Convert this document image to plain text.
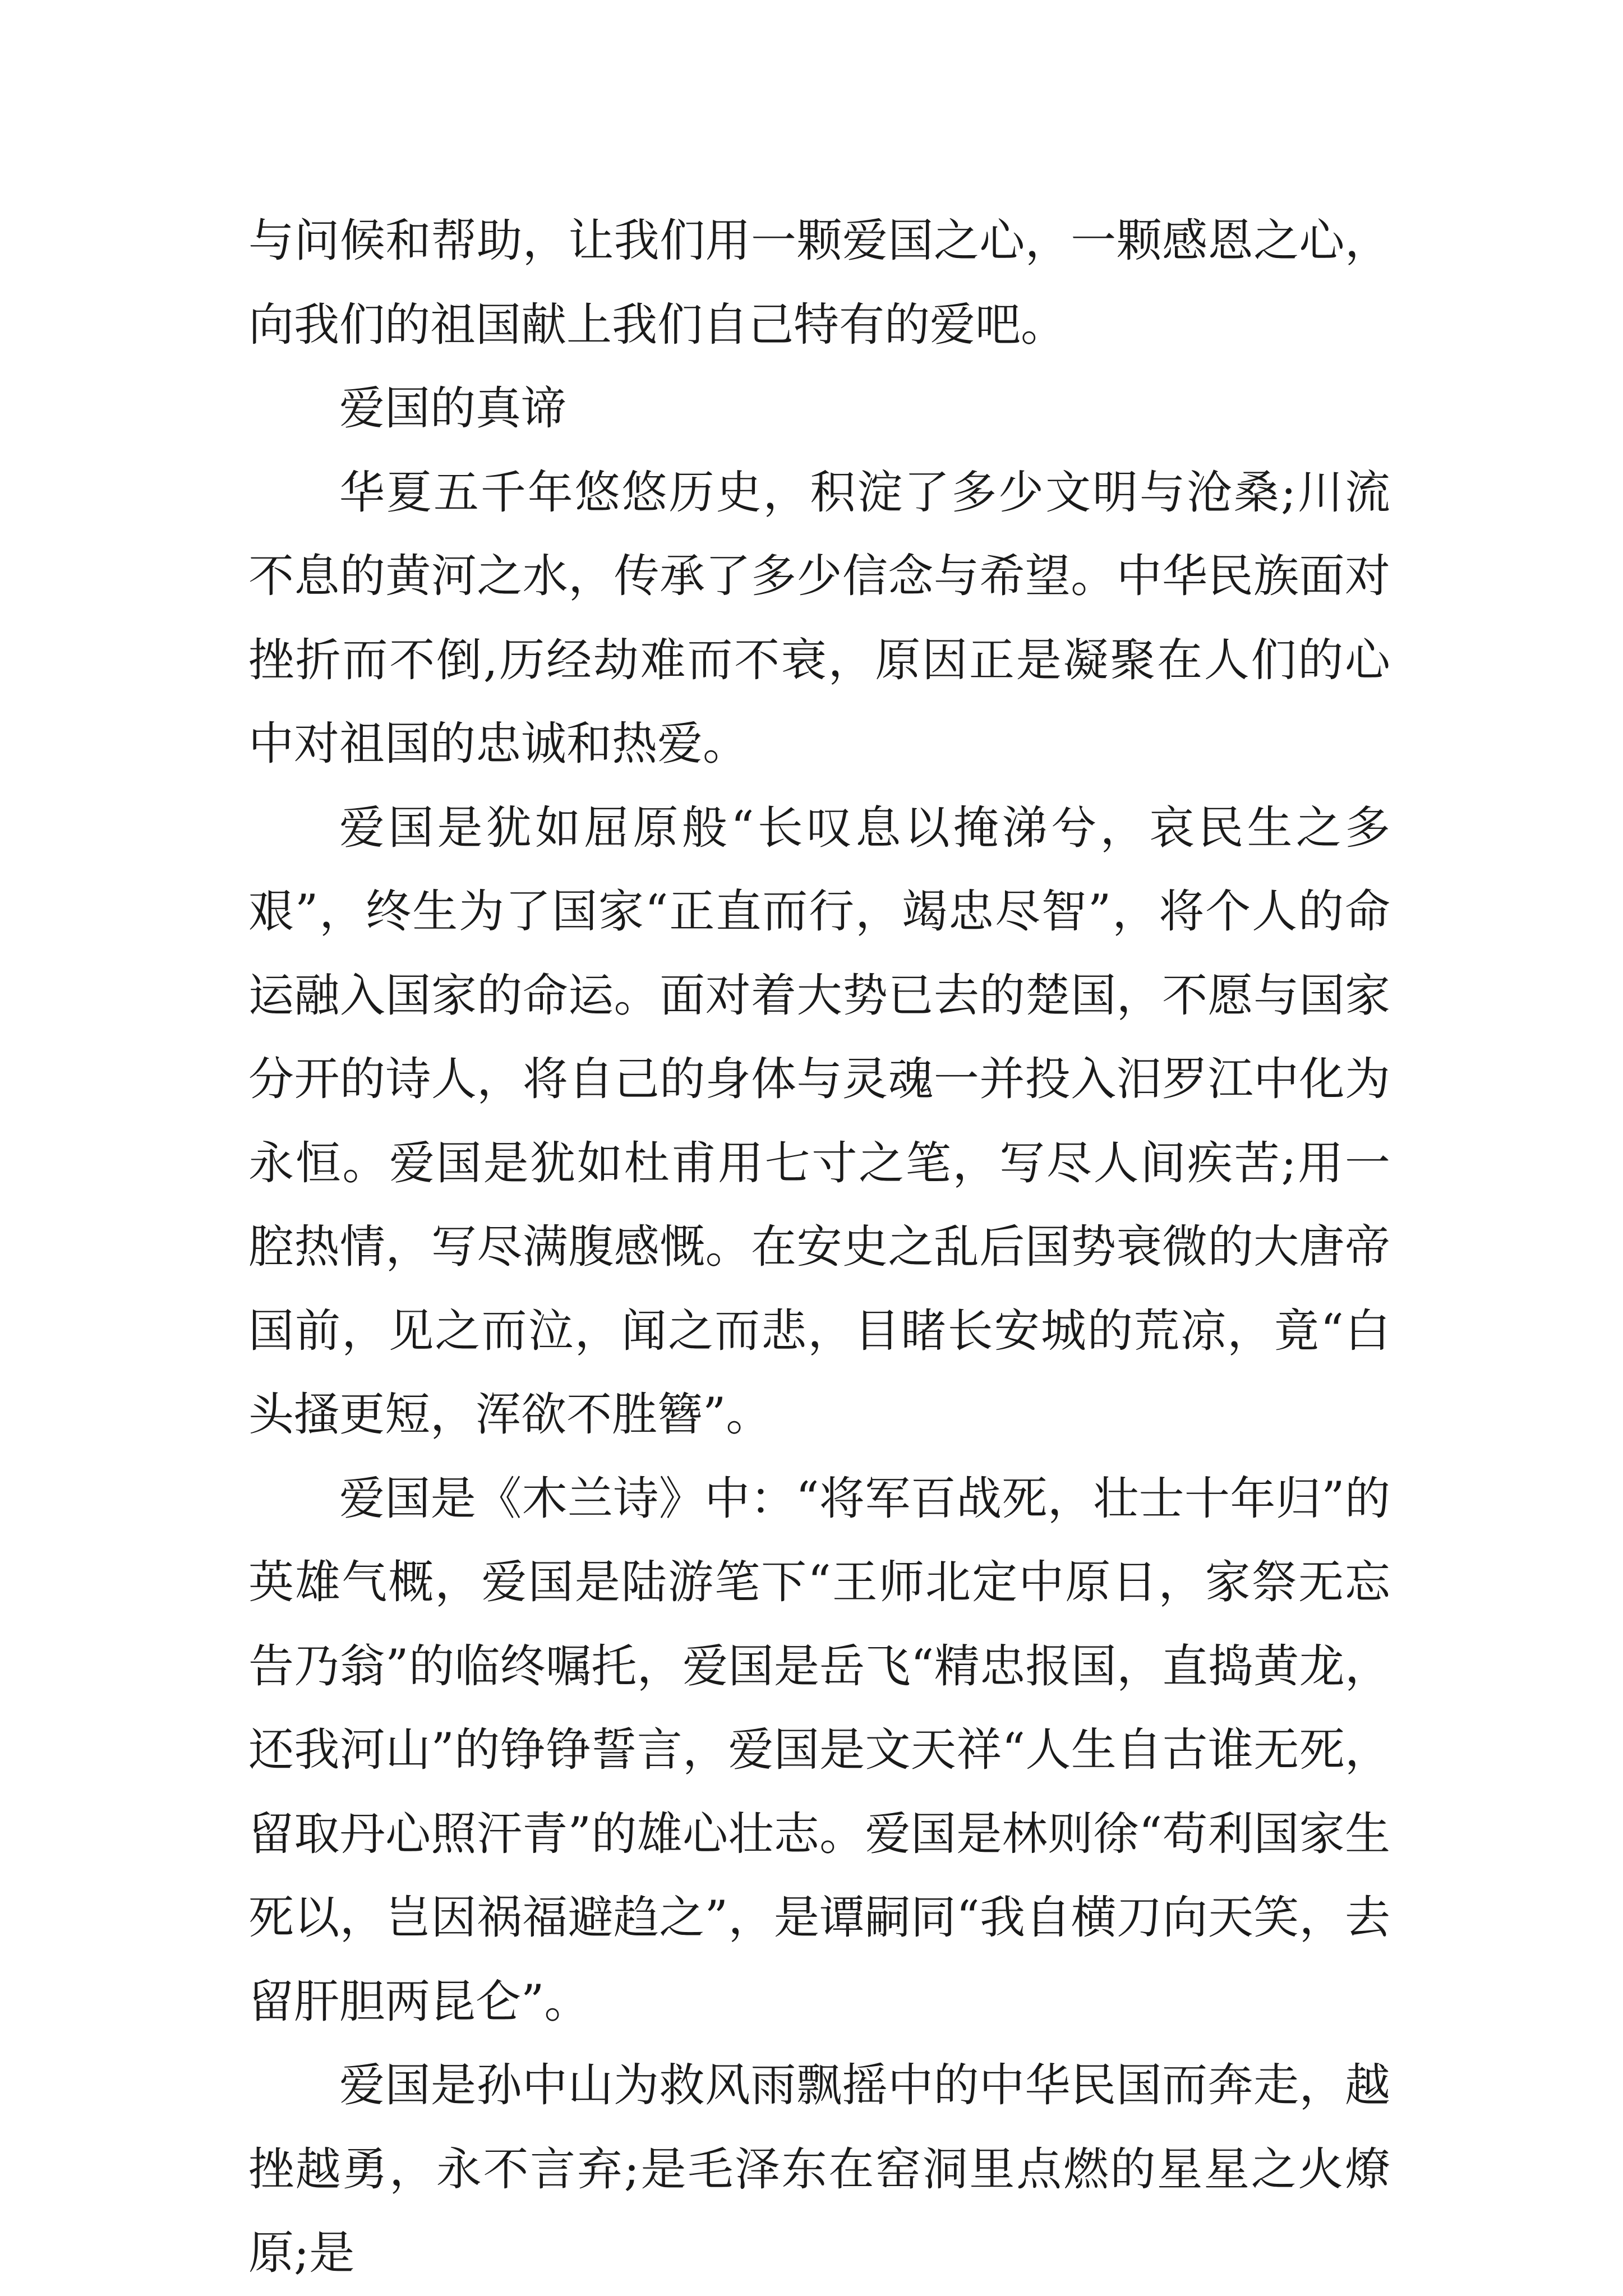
与问候和帮助，让我们用一颗爱国之心，一颗感恩之心，向我们的祖国献上我们自己特有的爱吧。

爱国的真谛

华夏五千年悠悠历史，积淀了多少文明与沧桑;川流不息的黄河之水，传承了多少信念与希望。中华民族面对挫折而不倒,历经劫难而不衰，原因正是凝聚在人们的心中对祖国的忠诚和热爱。

爱国是犹如屈原般“长叹息以掩涕兮，哀民生之多艰”，终生为了国家“正直而行，竭忠尽智”，将个人的命运融入国家的命运。面对着大势已去的楚国，不愿与国家分开的诗人，将自己的身体与灵魂一并投入汨罗江中化为永恒。爱国是犹如杜甫用七寸之笔，写尽人间疾苦;用一腔热情，写尽满腹感慨。在安史之乱后国势衰微的大唐帝国前，见之而泣，闻之而悲，目睹长安城的荒凉，竟“白头搔更短，浑欲不胜簪”。

爱国是《木兰诗》中：“将军百战死，壮士十年归”的英雄气概，爱国是陆游笔下“王师北定中原日，家祭无忘告乃翁”的临终嘱托，爱国是岳飞“精忠报国，直捣黄龙，还我河山”的铮铮誓言，爱国是文天祥“人生自古谁无死，留取丹心照汗青”的雄心壮志。爱国是林则徐“苟利国家生死以，岂因祸福避趋之”，是谭嗣同“我自横刀向天笑，去留肝胆两昆仑”。

爱国是孙中山为救风雨飘摇中的中华民国而奔走，越挫越勇，永不言弃;是毛泽东在窑洞里点燃的星星之火燎原;是
